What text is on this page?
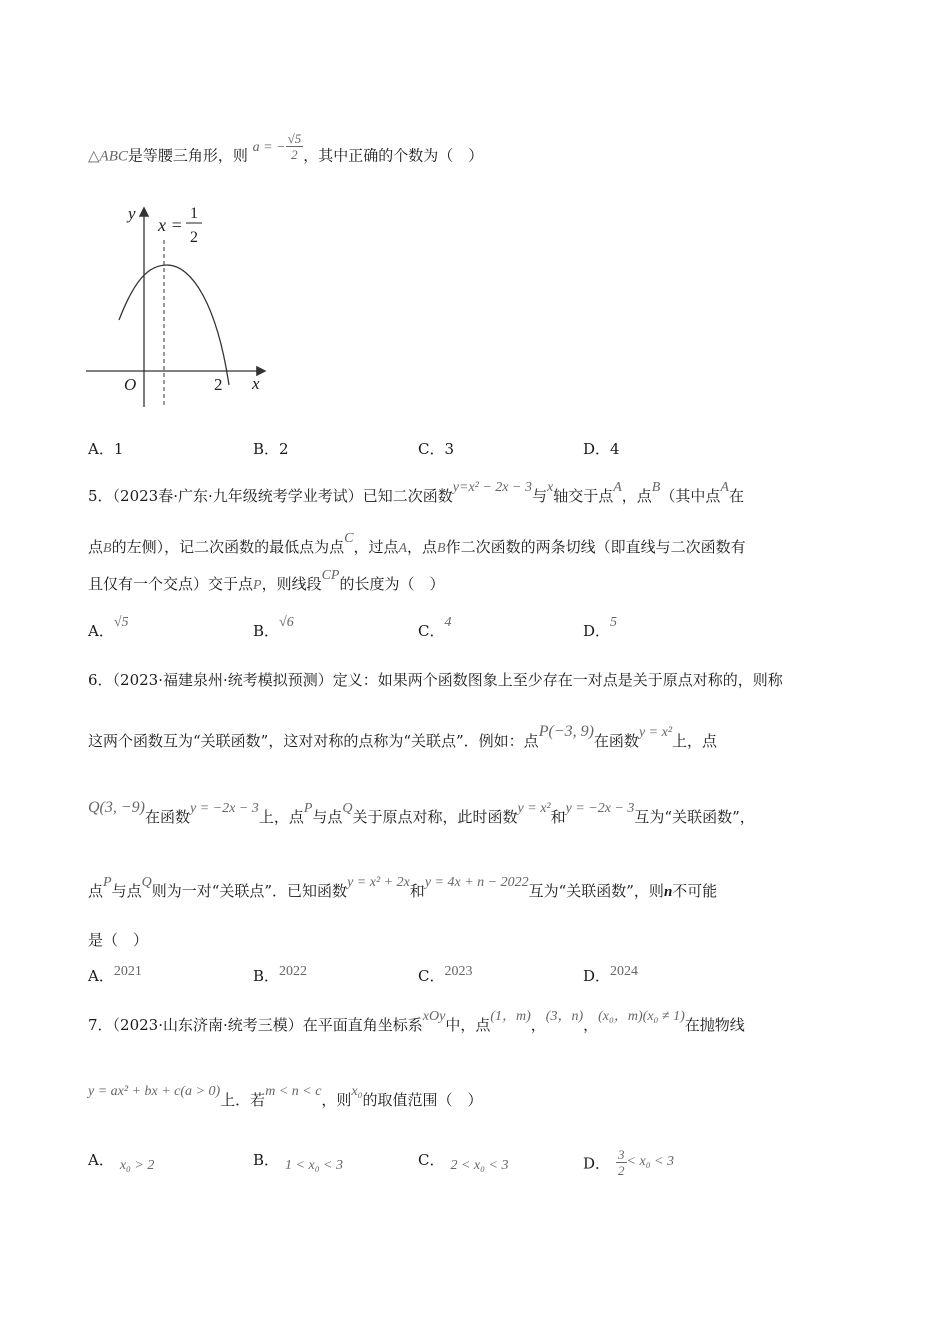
△ABC是等腰三角形，则 a = − $\frac{√5}{2}$ ，其中正确的个数为（　）
y
x
O	2
x =
1
2
A．1	B．2	C．3	D．4
5．（2023春·广东·九年级统考学业考试）已知二次函数y=x² − 2x − 3与x轴交于点A，点B（其中点A在
点B的左侧），记二次函数的最低点为点C，过点A，点B作二次函数的两条切线（即直线与二次函数有
且仅有一个交点）交于点P，则线段CP的长度为（　）
A．√5	B．√6	C．4	D．5
6．（2023·福建泉州·统考模拟预测）定义：如果两个函数图象上至少存在一对点是关于原点对称的，则称
这两个函数互为“关联函数”，这对对称的点称为“关联点”．例如：点P(−3, 9)在函数y = x²上，点
Q(3, −9)在函数y = −2x − 3上，点P与点Q关于原点对称，此时函数y = x²和y = −2x − 3互为“关联函数”，
点P与点Q则为一对“关联点”．已知函数y = x² + 2x和y = 4x + n − 2022互为“关联函数”，则n不可能
是（　）
A．2021	B．2022	C．2023	D．2024
7．（2023·山东济南·统考三模）在平面直角坐标系xOy中，点(1，m)，(3，n)，(x₀，m)(x₀ ≠ 1)在抛物线
y = ax² + bx + c(a > 0)上．若m < n < c，则x₀的取值范围（　）
A． x₀ > 2	B． 1 < x₀ < 3	C． 2 < x₀ < 3	D． $\frac{3}{2} < x_0 < 3$
